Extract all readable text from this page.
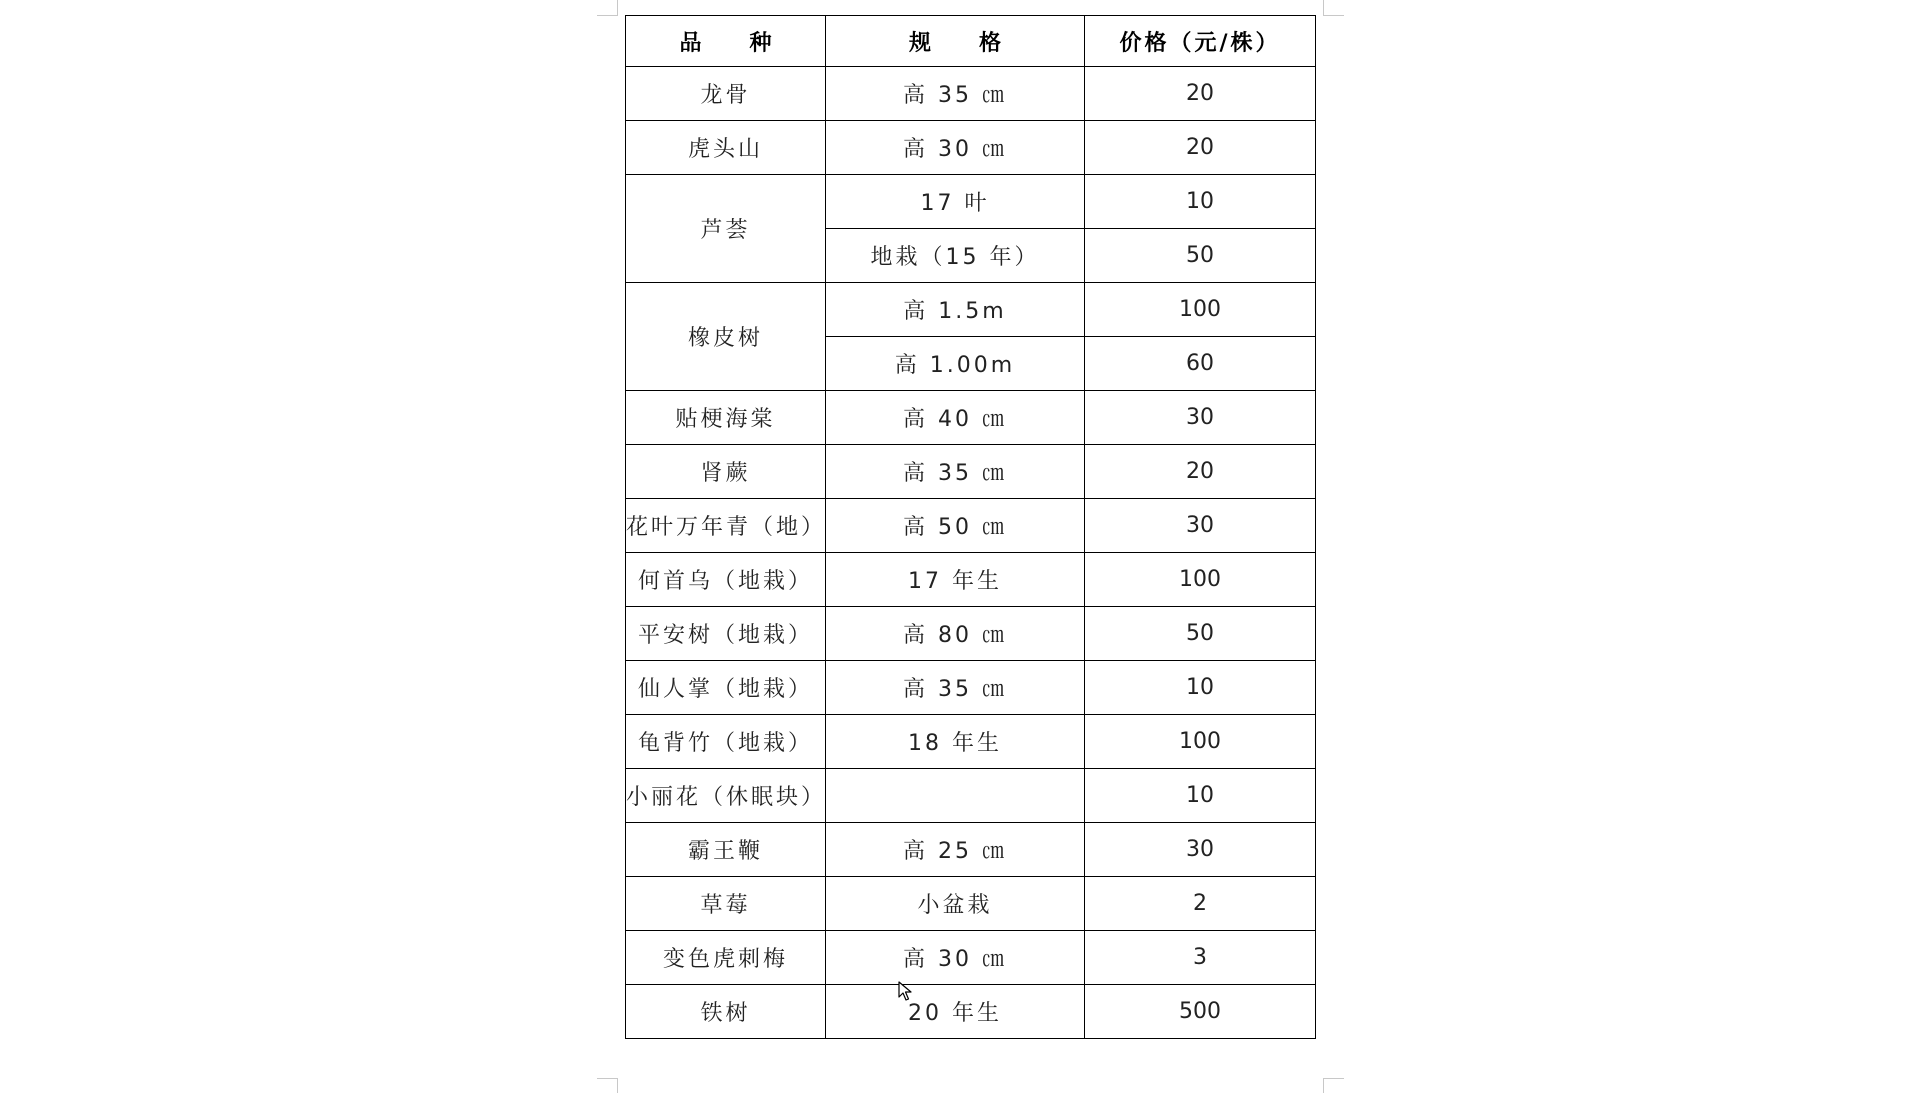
品种	规格	价格（元/株）
龙骨	高 35 ㎝	20
虎头山	高 30 ㎝	20
芦荟	17 叶	10
	地栽（15 年）	50
橡皮树	高 1.5m	100
	高 1.00m	60
贴梗海棠	高 40 ㎝	30
肾蕨	高 35 ㎝	20
花叶万年青（地）	高 50 ㎝	30
何首乌（地栽）	17 年生	100
平安树（地栽）	高 80 ㎝	50
仙人掌（地栽）	高 35 ㎝	10
龟背竹（地栽）	18 年生	100
小丽花（休眠块）		10
霸王鞭	高 25 ㎝	30
草莓	小盆栽	2
变色虎刺梅	高 30 ㎝	3
铁树	20 年生	500
